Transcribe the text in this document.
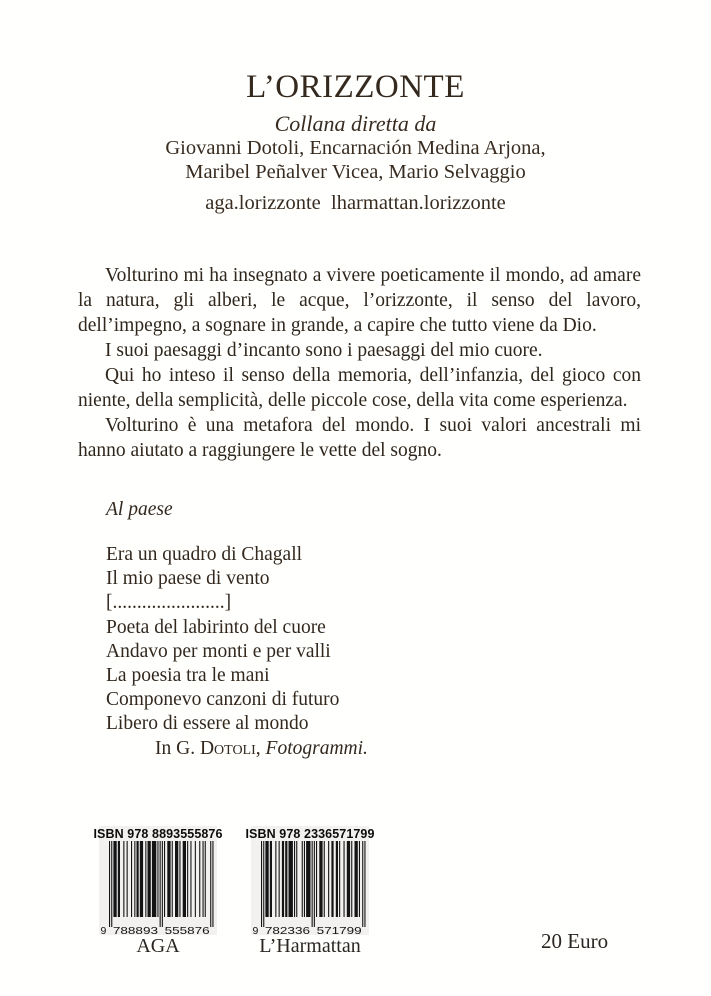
L’ORIZZONTE
Collana diretta da
Giovanni Dotoli, Encarnación Medina Arjona,
Maribel Peñalver Vicea, Mario Selvaggio
aga.lorizzonte  lharmattan.lorizzonte

Volturino mi ha insegnato a vivere poeticamente il mondo, ad amare la natura, gli alberi, le acque, l’orizzonte, il senso del lavoro, dell’impegno, a sognare in grande, a capire che tutto viene da Dio.

I suoi paesaggi d’incanto sono i paesaggi del mio cuore.

Qui ho inteso il senso della memoria, dell’infanzia, del gioco con niente, della semplicità, delle piccole cose, della vita come esperienza.

Volturino è una metafora del mondo. I suoi valori ancestrali mi hanno aiutato a raggiungere le vette del sogno.

Al paese
Era un quadro di Chagall
Il mio paese di vento
[.......................]
Poeta del labirinto del cuore
Andavo per monti e per valli
La poesia tra le mani
Componevo canzoni di futuro
Libero di essere al mondo
In G. Dotoli, Fotogrammi.
ISBN 978 8893555876
9 788893 555876
ISBN 978 2336571799
9 782336 571799
AGA	L’Harmattan	20 Euro
